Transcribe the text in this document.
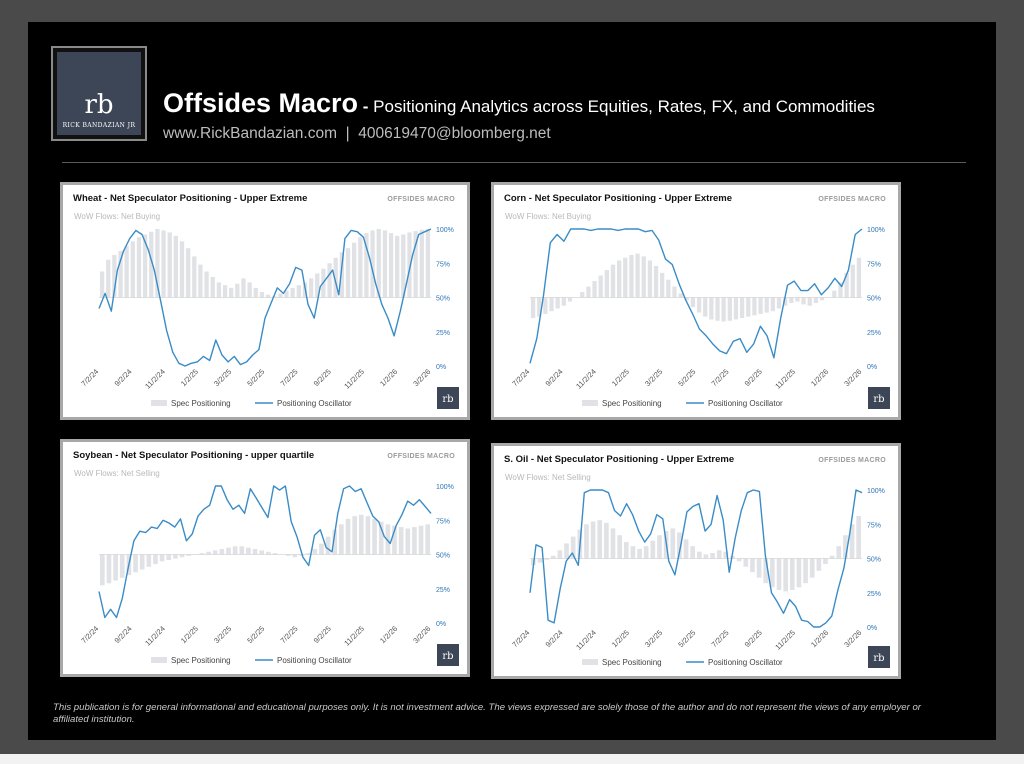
rb
RICK BANDAZIAN JR
Offsides Macro - Positioning Analytics across Equities, Rates, FX, and Commodities
www.RickBandazian.com | 400619470@bloomberg.net
Wheat - Net Speculator Positioning - Upper Extreme	OFFSIDES MACRO
WoW Flows: Net Buying
0%
25%
50%
75%
100%
7/2/24 9/2/24 11/2/24 1/2/25 3/2/25 5/2/25 7/2/25 9/2/25 11/2/25 1/2/26 3/2/26
Spec Positioning	Positioning Oscillator	rb
Corn - Net Speculator Positioning - Upper Extreme	OFFSIDES MACRO
WoW Flows: Net Buying
0%
25%
50%
75%
100%
7/2/24 9/2/24 11/2/24 1/2/25 3/2/25 5/2/25 7/2/25 9/2/25 11/2/25 1/2/26 3/2/26
Spec Positioning	Positioning Oscillator	rb
Soybean - Net Speculator Positioning - upper quartile	OFFSIDES MACRO
WoW Flows: Net Selling
0%
25%
50%
75%
100%
7/2/24 9/2/24 11/2/24 1/2/25 3/2/25 5/2/25 7/2/25 9/2/25 11/2/25 1/2/26 3/2/26
Spec Positioning	Positioning Oscillator	rb
S. Oil - Net Speculator Positioning - Upper Extreme	OFFSIDES MACRO
WoW Flows: Net Selling
0%
25%
50%
75%
100%
7/2/24 9/2/24 11/2/24 1/2/25 3/2/25 5/2/25 7/2/25 9/2/25 11/2/25 1/2/26 3/2/26
Spec Positioning	Positioning Oscillator	rb
This publication is for general informational and educational purposes only. It is not investment advice. The views expressed are solely those of the author and do not represent the views of any employer or affiliated institution.
